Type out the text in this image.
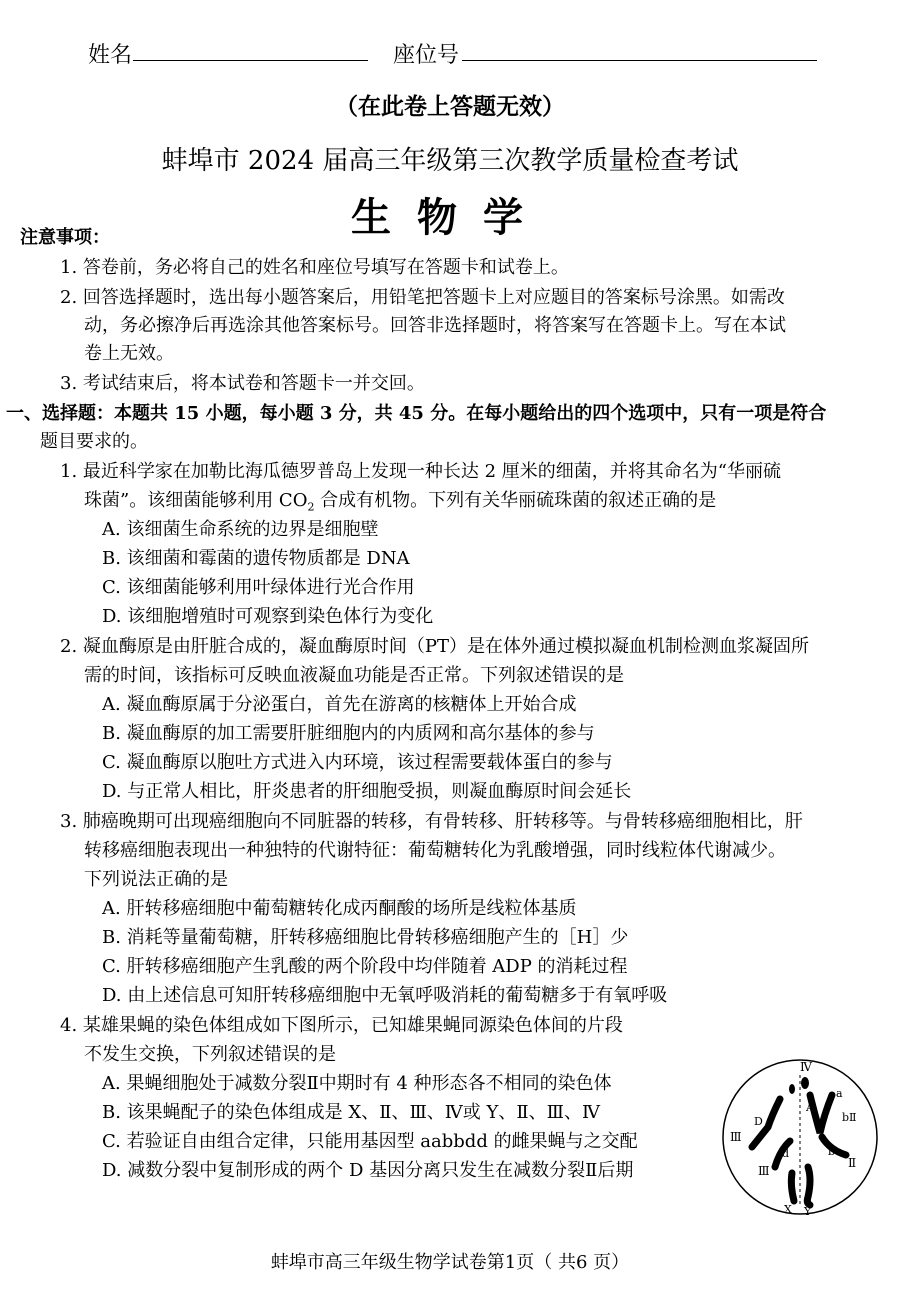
姓名	座位号
（在此卷上答题无效）
蚌埠市 2024 届高三年级第三次教学质量检查考试
生物学
注意事项：
1. 答卷前，务必将自己的姓名和座位号填写在答题卡和试卷上。
2. 回答选择题时，选出每小题答案后，用铅笔把答题卡上对应题目的答案标号涂黑。如需改
动，务必擦净后再选涂其他答案标号。回答非选择题时，将答案写在答题卡上。写在本试
卷上无效。
3. 考试结束后，将本试卷和答题卡一并交回。
一、选择题：本题共 15 小题，每小题 3 分，共 45 分。在每小题给出的四个选项中，只有一项是符合
题目要求的。
1. 最近科学家在加勒比海瓜德罗普岛上发现一种长达 2 厘米的细菌，并将其命名为“华丽硫
珠菌”。该细菌能够利用 $CO_2$ 合成有机物。下列有关华丽硫珠菌的叙述正确的是
A. 该细菌生命系统的边界是细胞壁
B. 该细菌和霉菌的遗传物质都是 DNA
C. 该细菌能够利用叶绿体进行光合作用
D. 该细胞增殖时可观察到染色体行为变化
2. 凝血酶原是由肝脏合成的，凝血酶原时间（PT）是在体外通过模拟凝血机制检测血浆凝固所
需的时间，该指标可反映血液凝血功能是否正常。下列叙述错误的是
A. 凝血酶原属于分泌蛋白，首先在游离的核糖体上开始合成
B. 凝血酶原的加工需要肝脏细胞内的内质网和高尔基体的参与
C. 凝血酶原以胞吐方式进入内环境，该过程需要载体蛋白的参与
D. 与正常人相比，肝炎患者的肝细胞受损，则凝血酶原时间会延长
3. 肺癌晚期可出现癌细胞向不同脏器的转移，有骨转移、肝转移等。与骨转移癌细胞相比，肝
转移癌细胞表现出一种独特的代谢特征：葡萄糖转化为乳酸增强，同时线粒体代谢减少。
下列说法正确的是
A. 肝转移癌细胞中葡萄糖转化成丙酮酸的场所是线粒体基质
B. 消耗等量葡萄糖，肝转移癌细胞比骨转移癌细胞产生的［H］少
C. 肝转移癌细胞产生乳酸的两个阶段中均伴随着 ADP 的消耗过程
D. 由上述信息可知肝转移癌细胞中无氧呼吸消耗的葡萄糖多于有氧呼吸
4. 某雄果蝇的染色体组成如下图所示，已知雄果蝇同源染色体间的片段
不发生交换，下列叙述错误的是
A. 果蝇细胞处于减数分裂Ⅱ中期时有 4 种形态各不相同的染色体
B. 该果蝇配子的染色体组成是 X、Ⅱ、Ⅲ、Ⅳ或 Y、Ⅱ、Ⅲ、Ⅳ
C. 若验证自由组合定律，只能用基因型 aabbdd 的雌果蝇与之交配
D. 减数分裂中复制形成的两个 D 基因分离只发生在减数分裂Ⅱ后期
Ⅳ
A
a
bⅡ
b
Ⅱ
D
Ⅲ
d
Ⅲ
X Y
蚌埠市高三年级生物学试卷第1页（ 共6 页）
